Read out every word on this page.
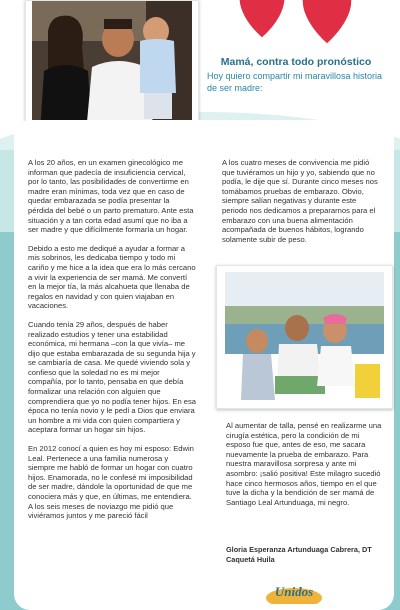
Mamá, contra todo pronóstico
Hoy quiero compartir mi maravillosa historia de ser madre:

A los 20 años, en un examen ginecológico me informan que padecía de insuficiencia cervical, por lo tanto, las posibilidades de convertirme en madre eran mínimas, toda vez que en caso de quedar embarazada se podía presentar la pérdida del bebé o un parto prematuro. Ante esta situación y a tan corta edad asumí que no iba a ser madre y que difícilmente formaría un hogar.

Debido a esto me dediqué a ayudar a formar a mis sobrinos, les dedicaba tiempo y todo mi cariño y me hice a la idea que era lo más cercano a vivir la experiencia de ser mamá. Me convertí en la mejor tía, la más alcahueta que llenaba de regalos en navidad y con quien viajaban en vacaciones.

Cuando tenía 29 años, después de haber realizado estudios y tener una estabilidad económica, mi hermana –con la que vivía– me dijo que estaba embarazada de su segunda hija y se cambiaría de casa. Me quedé viviendo sola y confieso que la soledad no es mi mejor compañía, por lo tanto, pensaba en que debía formalizar una relación con alguien que comprendiera que yo no podía tener hijos. En esa época no tenía novio y le pedí a Dios que enviara un hombre a mi vida con quien compartiera y aceptara formar un hogar sin hijos.

En 2012 conocí a quien es hoy mi esposo: Edwin Leal. Pertenece a una familia numerosa y siempre me habló de formar un hogar con cuatro hijos. Enamorada, no le confesé mi imposibilidad de ser madre, dándole la oportunidad de que me conociera más y que, en últimas, me entendiera. A los seis meses de noviazgo me pidió que viviéramos juntos y me pareció fácil

A los cuatro meses de convivencia me pidió que tuviéramos un hijo y yo, sabiendo que no podía, le dije que sí. Durante cinco meses nos tomábamos pruebas de embarazo. Obvio, siempre salían negativas y durante este periodo nos dedicamos a prepararnos para el embarazo con una buena alimentación acompañada de buenos hábitos, logrando solamente subir de peso.

Al aumentar de talla, pensé en realizarme una cirugía estética, pero la condición de mi esposo fue que, antes de eso, me sacara nuevamente la prueba de embarazo. Para nuestra maravillosa sorpresa y ante mi asombro: ¡salió positiva! Este milagro sucedió hace cinco hermosos años, tiempo en el que tuve la dicha y la bendición de ser mamá de Santiago Leal Artunduaga, mi negro.

Gloria Esperanza Artunduaga Cabrera, DT Caquetá Huila
Unidos
